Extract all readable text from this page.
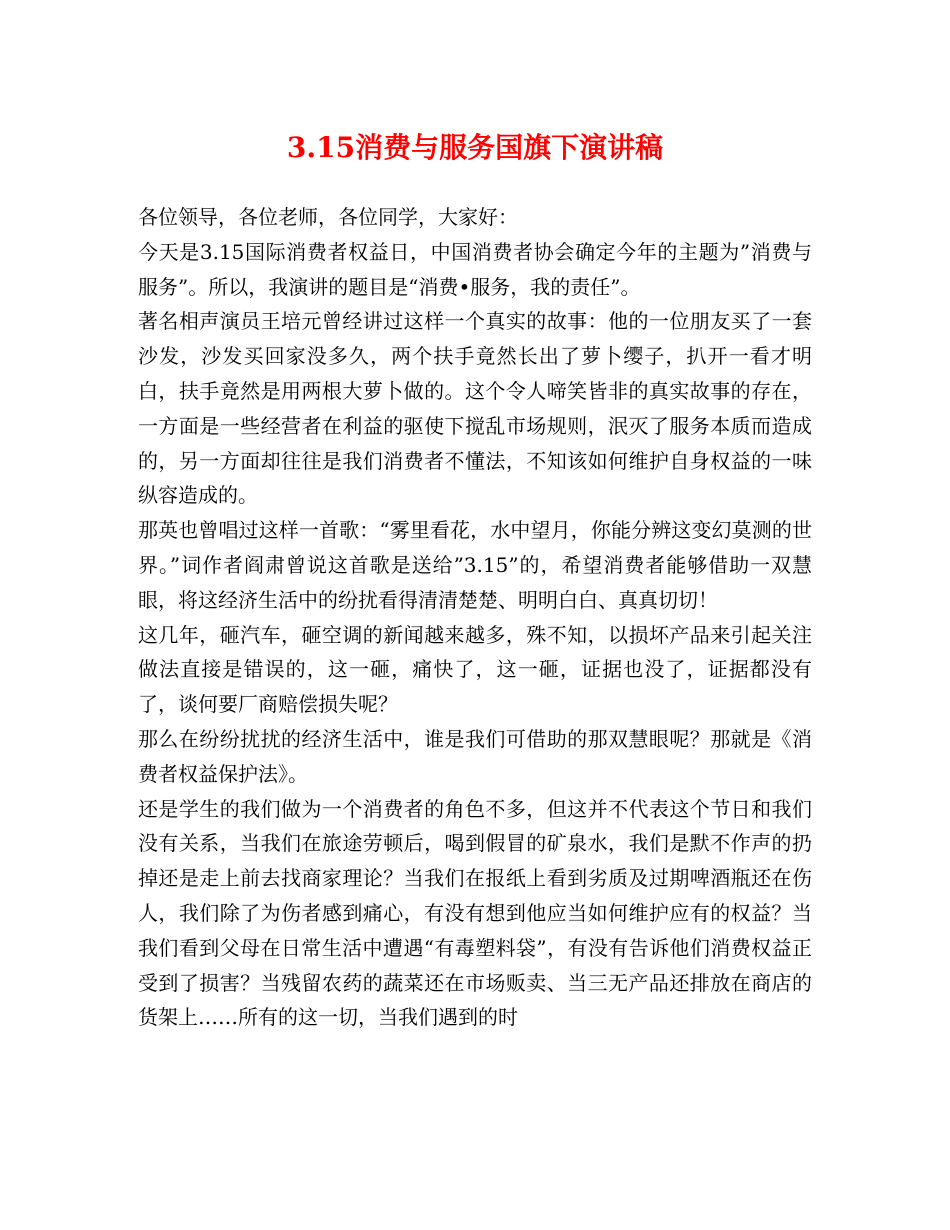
3.15消费与服务国旗下演讲稿

各位领导，各位老师，各位同学，大家好：

今天是3.15国际消费者权益日，中国消费者协会确定今年的主题为”消费与服务”。所以，我演讲的题目是“消费•服务，我的责任”。

著名相声演员王培元曾经讲过这样一个真实的故事：他的一位朋友买了一套沙发，沙发买回家没多久，两个扶手竟然长出了萝卜缨子，扒开一看才明白，扶手竟然是用两根大萝卜做的。这个令人啼笑皆非的真实故事的存在，一方面是一些经营者在利益的驱使下搅乱市场规则，泯灭了服务本质而造成的，另一方面却往往是我们消费者不懂法，不知该如何维护自身权益的一味纵容造成的。

那英也曾唱过这样一首歌：“雾里看花，水中望月，你能分辨这变幻莫测的世界。”词作者阎肃曾说这首歌是送给”3.15”的，希望消费者能够借助一双慧眼，将这经济生活中的纷扰看得清清楚楚、明明白白、真真切切！

这几年，砸汽车，砸空调的新闻越来越多，殊不知，以损坏产品来引起关注做法直接是错误的，这一砸，痛快了，这一砸，证据也没了，证据都没有了，谈何要厂商赔偿损失呢？

那么在纷纷扰扰的经济生活中，谁是我们可借助的那双慧眼呢？那就是《消费者权益保护法》。

还是学生的我们做为一个消费者的角色不多，但这并不代表这个节日和我们没有关系，当我们在旅途劳顿后，喝到假冒的矿泉水，我们是默不作声的扔掉还是走上前去找商家理论？当我们在报纸上看到劣质及过期啤酒瓶还在伤人，我们除了为伤者感到痛心，有没有想到他应当如何维护应有的权益？当我们看到父母在日常生活中遭遇“有毒塑料袋”，有没有告诉他们消费权益正受到了损害？当残留农药的蔬菜还在市场贩卖、当三无产品还排放在商店的货架上……所有的这一切，当我们遇到的时
